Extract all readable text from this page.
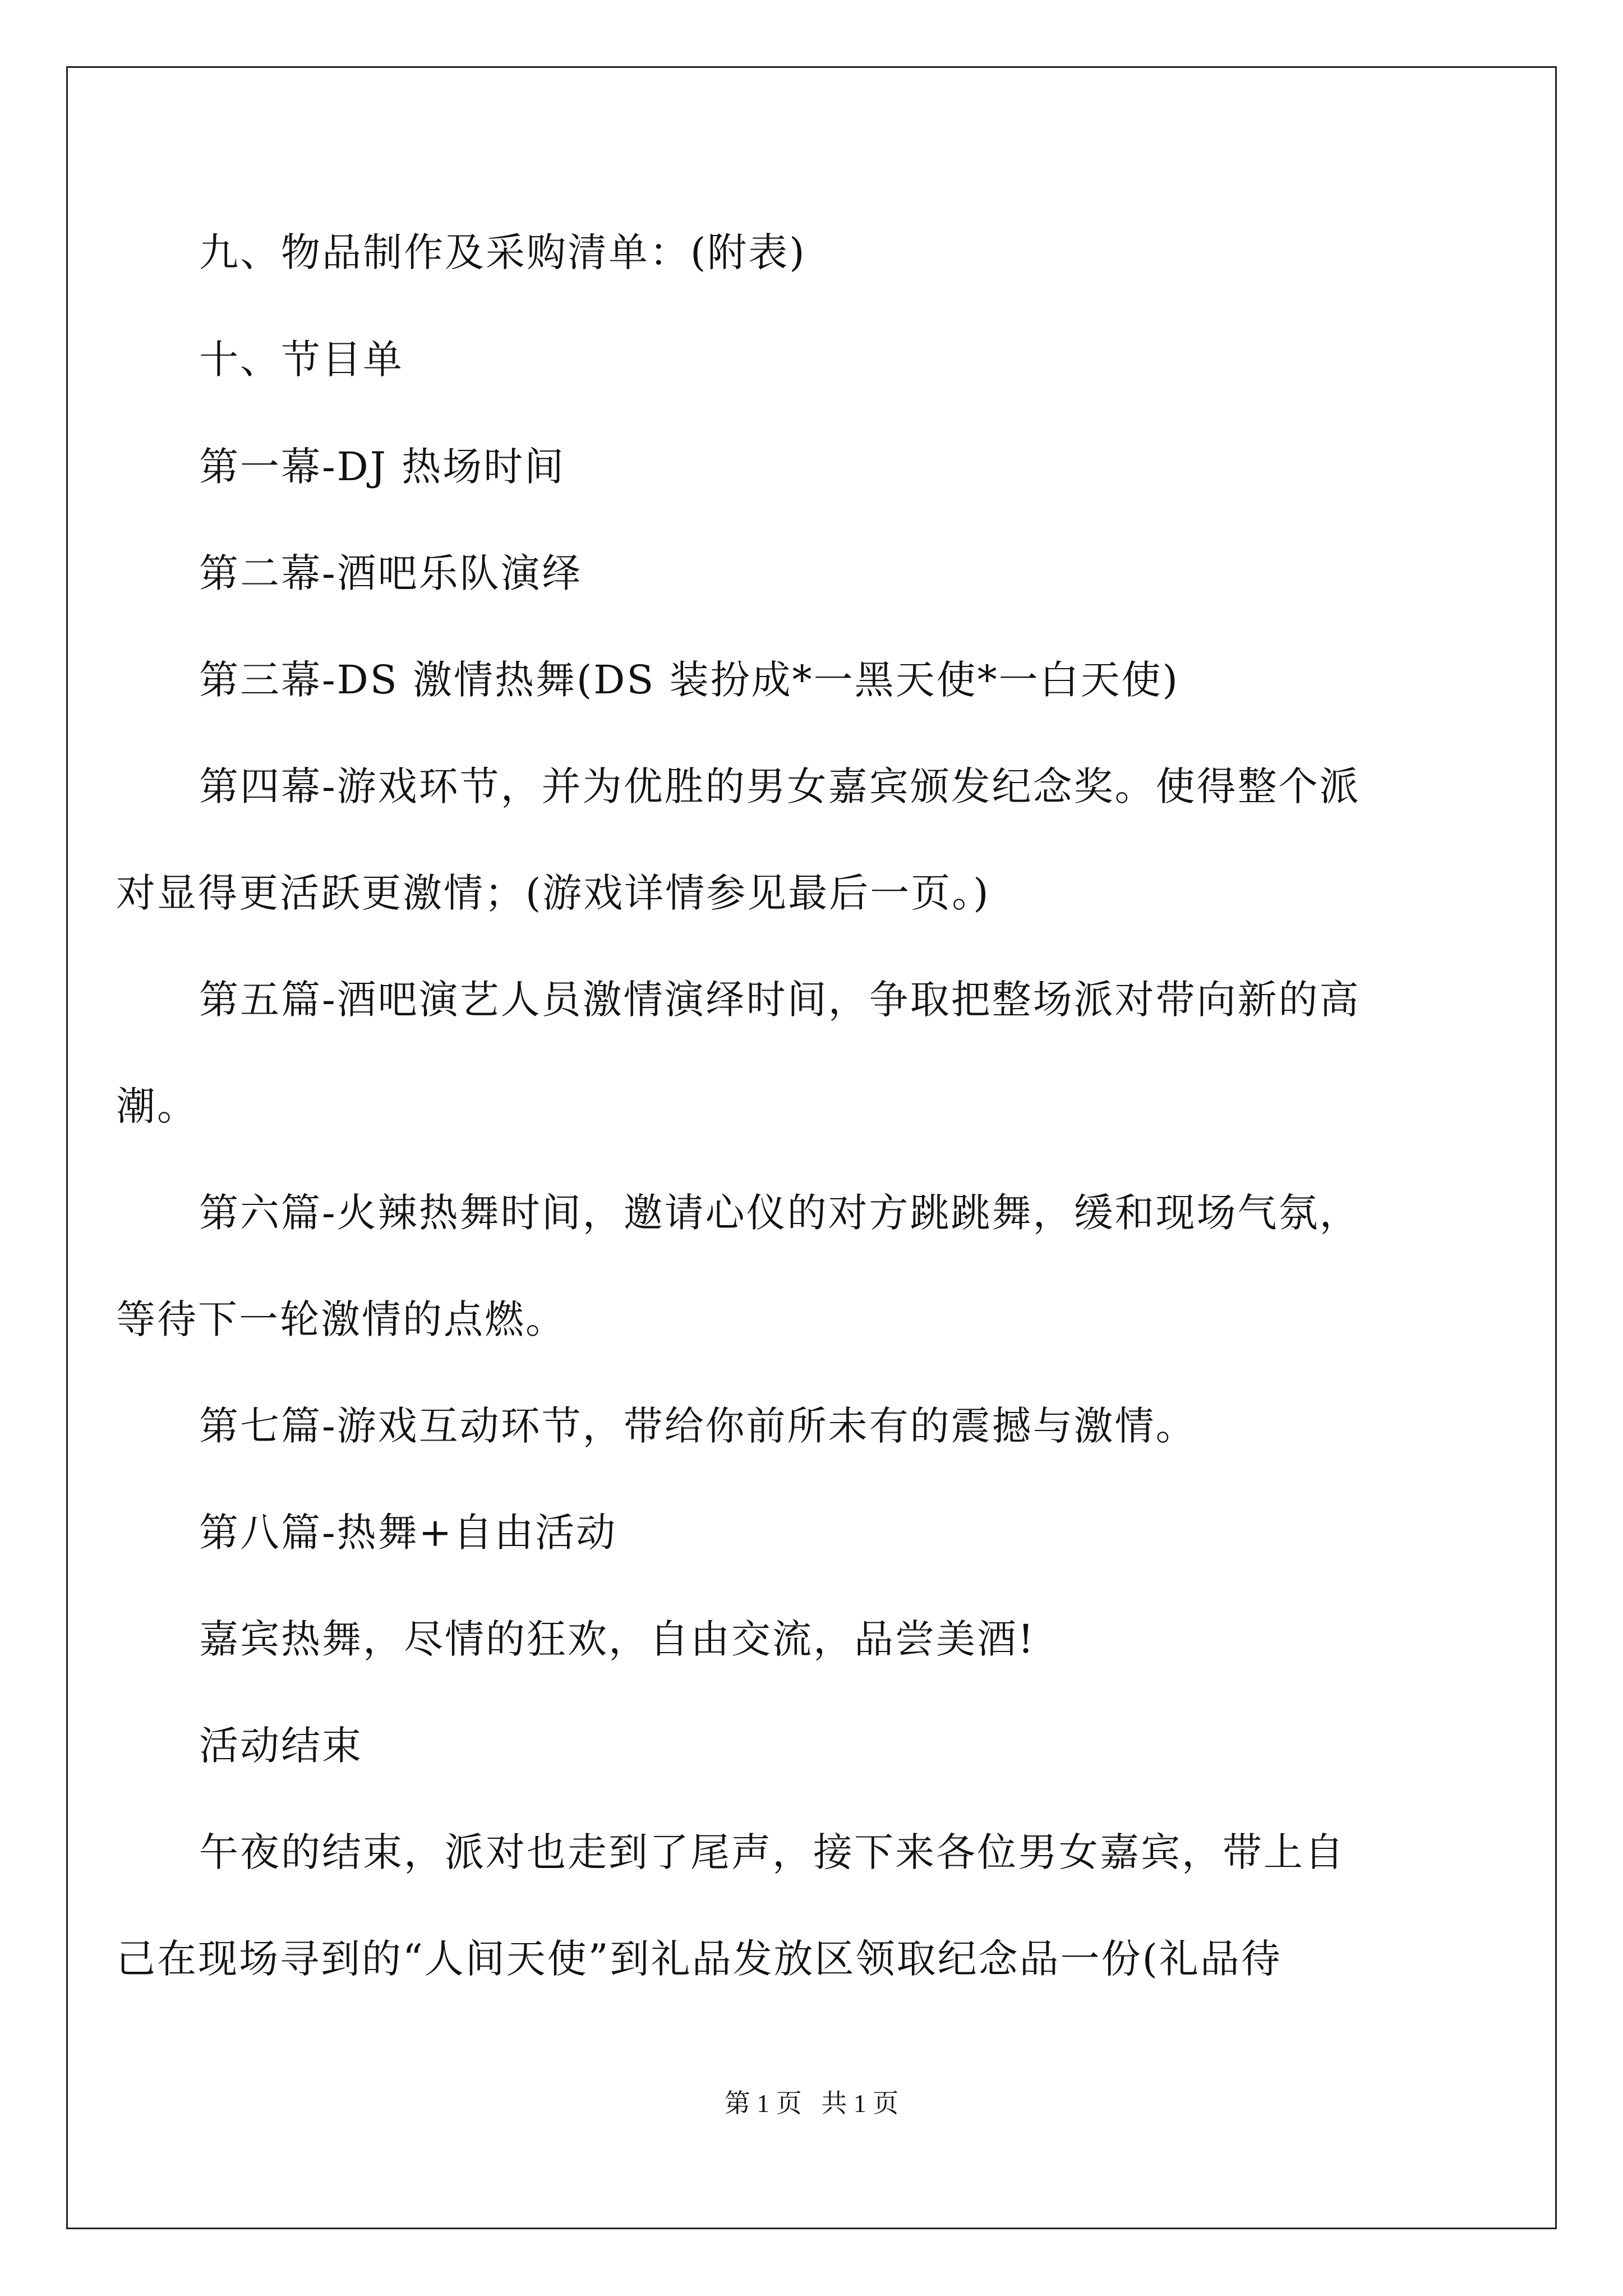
九、物品制作及采购清单：(附表)
十、节目单
第一幕-DJ 热场时间
第二幕-酒吧乐队演绎
第三幕-DS 激情热舞(DS 装扮成*一黑天使*一白天使)
第四幕-游戏环节，并为优胜的男女嘉宾颁发纪念奖。使得整个派
对显得更活跃更激情；(游戏详情参见最后一页。)
第五篇-酒吧演艺人员激情演绎时间，争取把整场派对带向新的高
潮。
第六篇-火辣热舞时间，邀请心仪的对方跳跳舞，缓和现场气氛，
等待下一轮激情的点燃。
第七篇-游戏互动环节，带给你前所未有的震撼与激情。
第八篇-热舞+自由活动
嘉宾热舞，尽情的狂欢，自由交流，品尝美酒!
活动结束
午夜的结束，派对也走到了尾声，接下来各位男女嘉宾，带上自
己在现场寻到的“人间天使”到礼品发放区领取纪念品一份(礼品待
第 1 页   共 1 页
